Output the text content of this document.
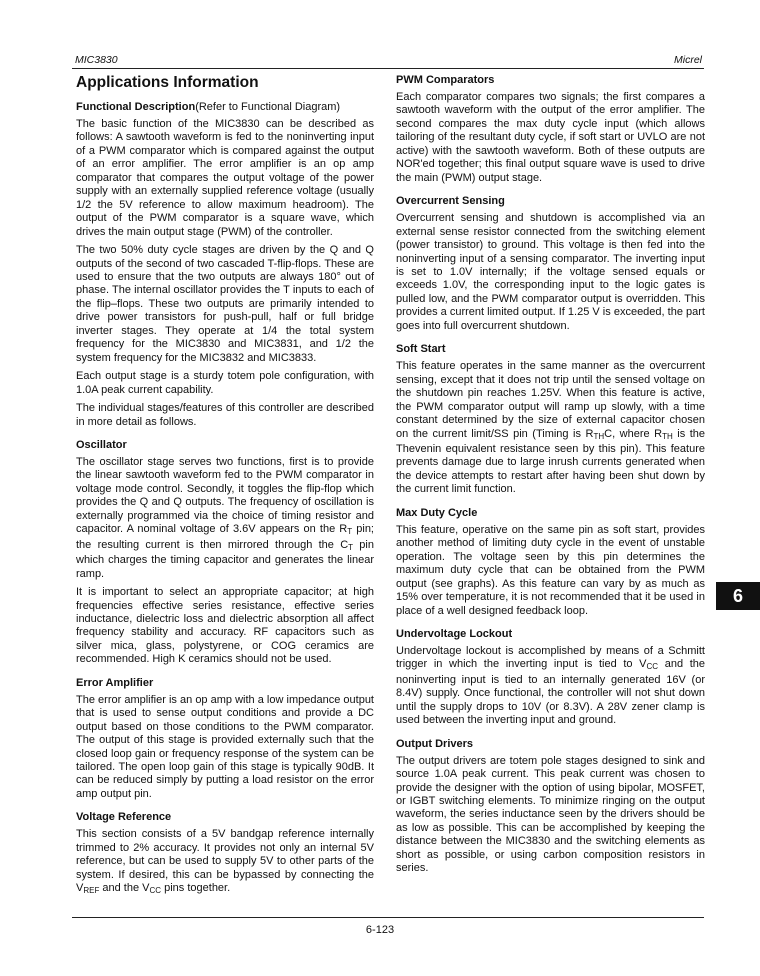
MIC3830	Micrel
Applications Information
Functional Description(Refer to Functional Diagram)

The basic function of the MIC3830 can be described as follows: A sawtooth waveform is fed to the noninverting input of a PWM comparator which is compared against the output of an error amplifier. The error amplifier is an op amp comparator that compares the output voltage of the power supply with an externally supplied reference voltage (usually 1/2 the 5V reference to allow maximum headroom). The output of the PWM comparator is a square wave, which drives the main output stage (PWM) of the controller.

The two 50% duty cycle stages are driven by the Q and Q outputs of the second of two cascaded T-flip-flops. These are used to ensure that the two outputs are always 180° out of phase. The internal oscillator provides the T inputs to each of the flip–flops. These two outputs are primarily intended to drive power transistors for push-pull, half or full bridge inverter stages. They operate at 1/4 the total system frequency for the MIC3830 and MIC3831, and 1/2 the system frequency for the MIC3832 and MIC3833.

Each output stage is a sturdy totem pole configuration, with 1.0A peak current capability.

The individual stages/features of this controller are described in more detail as follows.

Oscillator

The oscillator stage serves two functions, first is to provide the linear sawtooth waveform fed to the PWM comparator in voltage mode control. Secondly, it toggles the flip-flop which provides the Q and Q outputs. The frequency of oscillation is externally programmed via the choice of timing resistor and capacitor. A nominal voltage of 3.6V appears on the $R_T$ pin; the resulting current is then mirrored through the $C_T$ pin which charges the timing capacitor and generates the linear ramp.

It is important to select an appropriate capacitor; at high frequencies effective series resistance, effective series inductance, dielectric loss and dielectric absorption all affect frequency stability and accuracy. RF capacitors such as silver mica, glass, polystyrene, or COG ceramics are recommended. High K ceramics should not be used.

Error Amplifier

The error amplifier is an op amp with a low impedance output that is used to sense output conditions and provide a DC output based on those conditions to the PWM comparator. The output of this stage is provided externally such that the closed loop gain or frequency response of the system can be tailored. The open loop gain of this stage is typically 90dB. It can be reduced simply by putting a load resistor on the error amp output pin.

Voltage Reference

This section consists of a 5V bandgap reference internally trimmed to 2% accuracy. It provides not only an internal 5V reference, but can be used to supply 5V to other parts of the system. If desired, this can be bypassed by connecting the $V_{REF}$ and the $V_{CC}$ pins together.

PWM Comparators

Each comparator compares two signals; the first compares a sawtooth waveform with the output of the error amplifier. The second compares the max duty cycle input (which allows tailoring of the resultant duty cycle, if soft start or UVLO are not active) with the sawtooth waveform. Both of these outputs are NOR'ed together; this final output square wave is used to drive the main (PWM) output stage.

Overcurrent Sensing

Overcurrent sensing and shutdown is accomplished via an external sense resistor connected from the switching element (power transistor) to ground. This voltage is then fed into the noninverting input of a sensing comparator. The inverting input is set to 1.0V internally; if the voltage sensed equals or exceeds 1.0V, the corresponding input to the logic gates is pulled low, and the PWM comparator output is overridden. This provides a current limited output. If 1.25 V is exceeded, the part goes into full overcurrent shutdown.

Soft Start

This feature operates in the same manner as the overcurrent sensing, except that it does not trip until the sensed voltage on the shutdown pin reaches 1.25V. When this feature is active, the PWM comparator output will ramp up slowly, with a time constant determined by the size of external capacitor chosen on the current limit/SS pin (Timing is $R_{TH}C$, where $R_{TH}$ is the Thevenin equivalent resistance seen by this pin). This feature prevents damage due to large inrush currents generated when the device attempts to restart after having been shut down by the current limit function.

Max Duty Cycle

This feature, operative on the same pin as soft start, provides another method of limiting duty cycle in the event of unstable operation. The voltage seen by this pin determines the maximum duty cycle that can be obtained from the PWM output (see graphs). As this feature can vary by as much as 15% over temperature, it is not recommended that it be used in place of a well designed feedback loop.

Undervoltage Lockout

Undervoltage lockout is accomplished by means of a Schmitt trigger in which the inverting input is tied to $V_{CC}$ and the noninverting input is tied to an internally generated 16V (or 8.4V) supply. Once functional, the controller will not shut down until the supply drops to 10V (or 8.3V). A 28V zener clamp is used between the inverting input and ground.

Output Drivers

The output drivers are totem pole stages designed to sink and source 1.0A peak current. This peak current was chosen to provide the designer with the option of using bipolar, MOSFET, or IGBT switching elements. To minimize ringing on the output waveform, the series inductance seen by the drivers should be as low as possible. This can be accomplished by keeping the distance between the MIC3830 and the switching elements as short as possible, or using carbon composition resistors in series.

6
6-123
